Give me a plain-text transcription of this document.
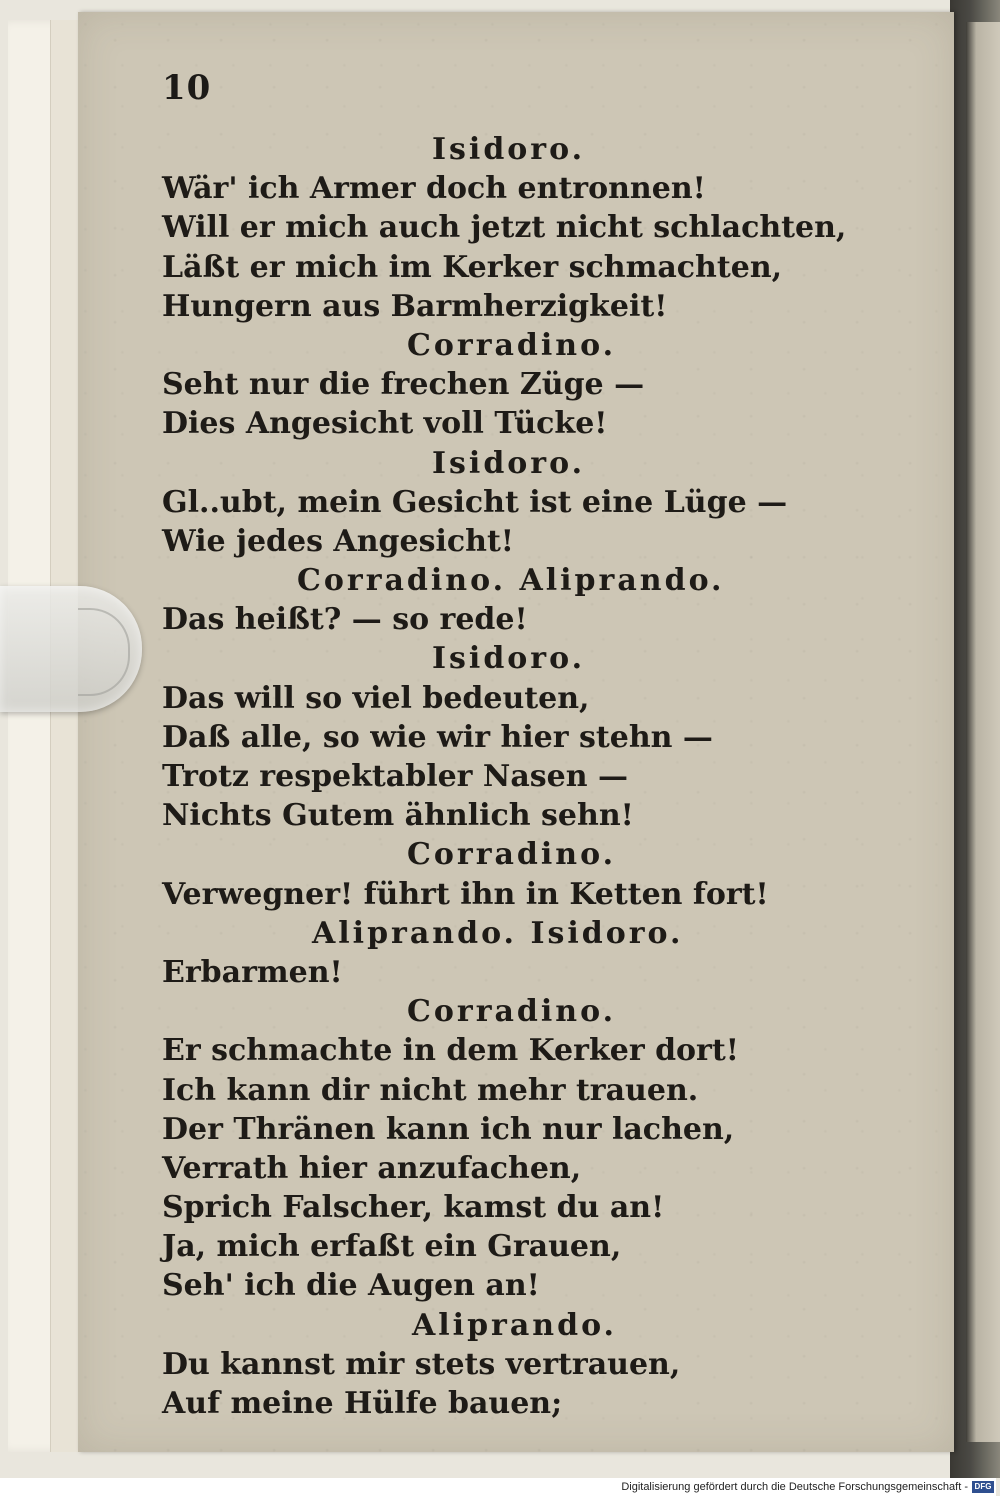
10
Isidoro.
Wär' ich Armer doch entronnen!
Will er mich auch jetzt nicht schlachten,
Läßt er mich im Kerker schmachten,
Hungern aus Barmherzigkeit!
Corradino.
Seht nur die frechen Züge —
Dies Angesicht voll Tücke!
Isidoro.
Gl..ubt, mein Gesicht ist eine Lüge —
Wie jedes Angesicht!
Corradino. Aliprando.
Das heißt? — so rede!
Isidoro.
Das will so viel bedeuten,
Daß alle, so wie wir hier stehn —
Trotz respektabler Nasen —
Nichts Gutem ähnlich sehn!
Corradino.
Verwegner! führt ihn in Ketten fort!
Aliprando. Isidoro.
Erbarmen!
Corradino.
Er schmachte in dem Kerker dort!
Ich kann dir nicht mehr trauen.
Der Thränen kann ich nur lachen,
Verrath hier anzufachen,
Sprich Falscher, kamst du an!
Ja, mich erfaßt ein Grauen,
Seh' ich die Augen an!
Aliprando.
Du kannst mir stets vertrauen,
Auf meine Hülfe bauen;
Digitalisierung gefördert durch die Deutsche Forschungsgemeinschaft - DFG
